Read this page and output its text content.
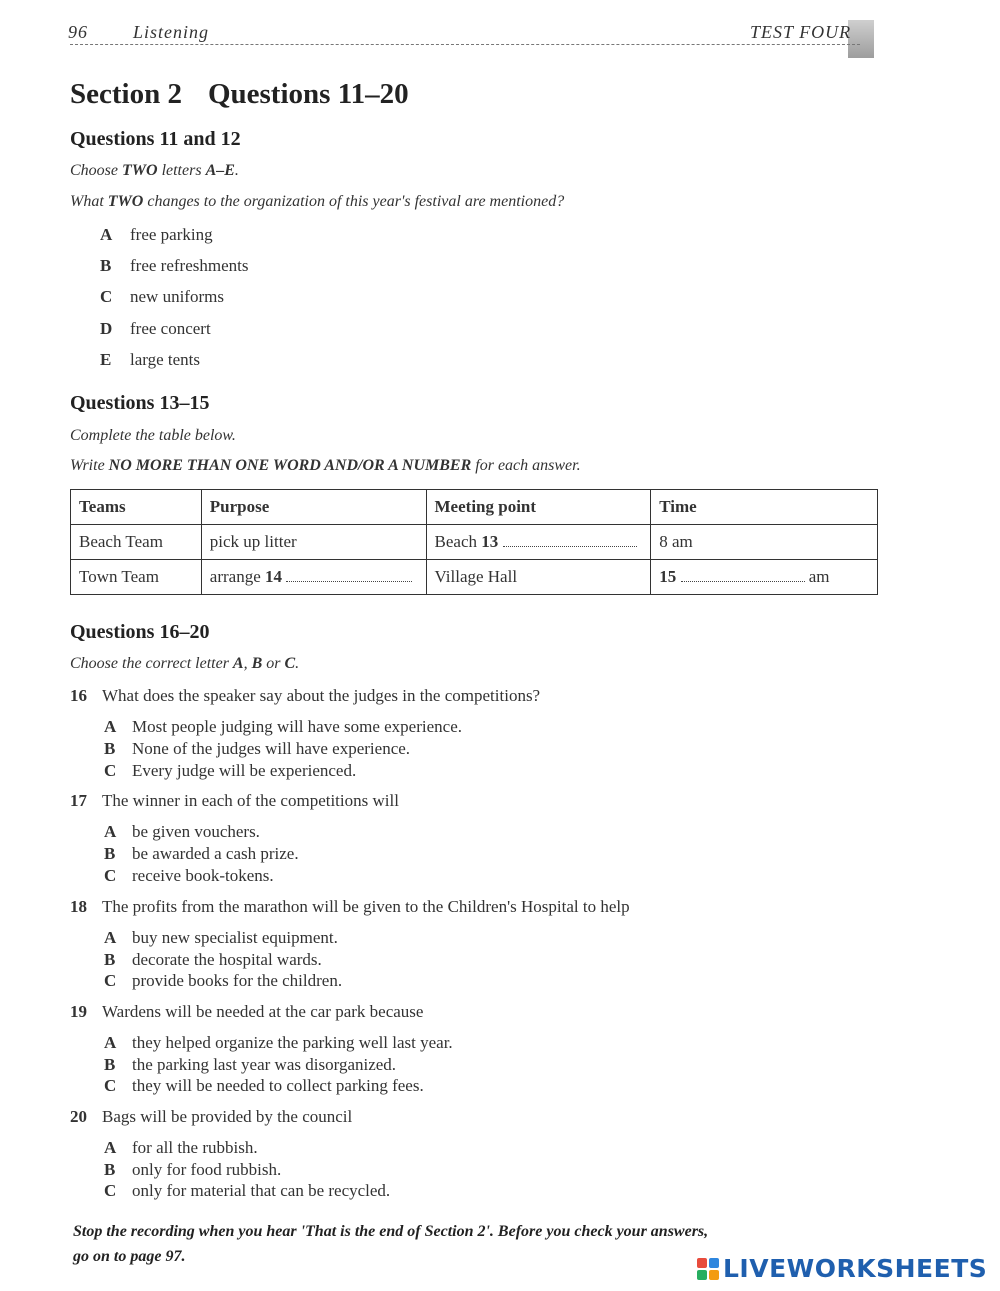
96	Listening	TEST FOUR
Section 2 Questions 11–20
Questions 11 and 12
Choose TWO letters A–E.
What TWO changes to the organization of this year's festival are mentioned?
A free parking
B free refreshments
C new uniforms
D free concert
E large tents
Questions 13–15
Complete the table below.
Write NO MORE THAN ONE WORD AND/OR A NUMBER for each answer.
Teams	Purpose	Meeting point	Time
Beach Team	pick up litter	Beach 13	8 am
Town Team	arrange 14	Village Hall	15 am
Questions 16–20
Choose the correct letter A, B or C.
16 What does the speaker say about the judges in the competitions?
A Most people judging will have some experience.
B None of the judges will have experience.
C Every judge will be experienced.
17 The winner in each of the competitions will
A be given vouchers.
B be awarded a cash prize.
C receive book-tokens.
18 The profits from the marathon will be given to the Children's Hospital to help
A buy new specialist equipment.
B decorate the hospital wards.
C provide books for the children.
19 Wardens will be needed at the car park because
A they helped organize the parking well last year.
B the parking last year was disorganized.
C they will be needed to collect parking fees.
20 Bags will be provided by the council
A for all the rubbish.
B only for food rubbish.
C only for material that can be recycled.
Stop the recording when you hear 'That is the end of Section 2'. Before you check your answers,
go on to page 97.	LIVEWORKSHEETS
